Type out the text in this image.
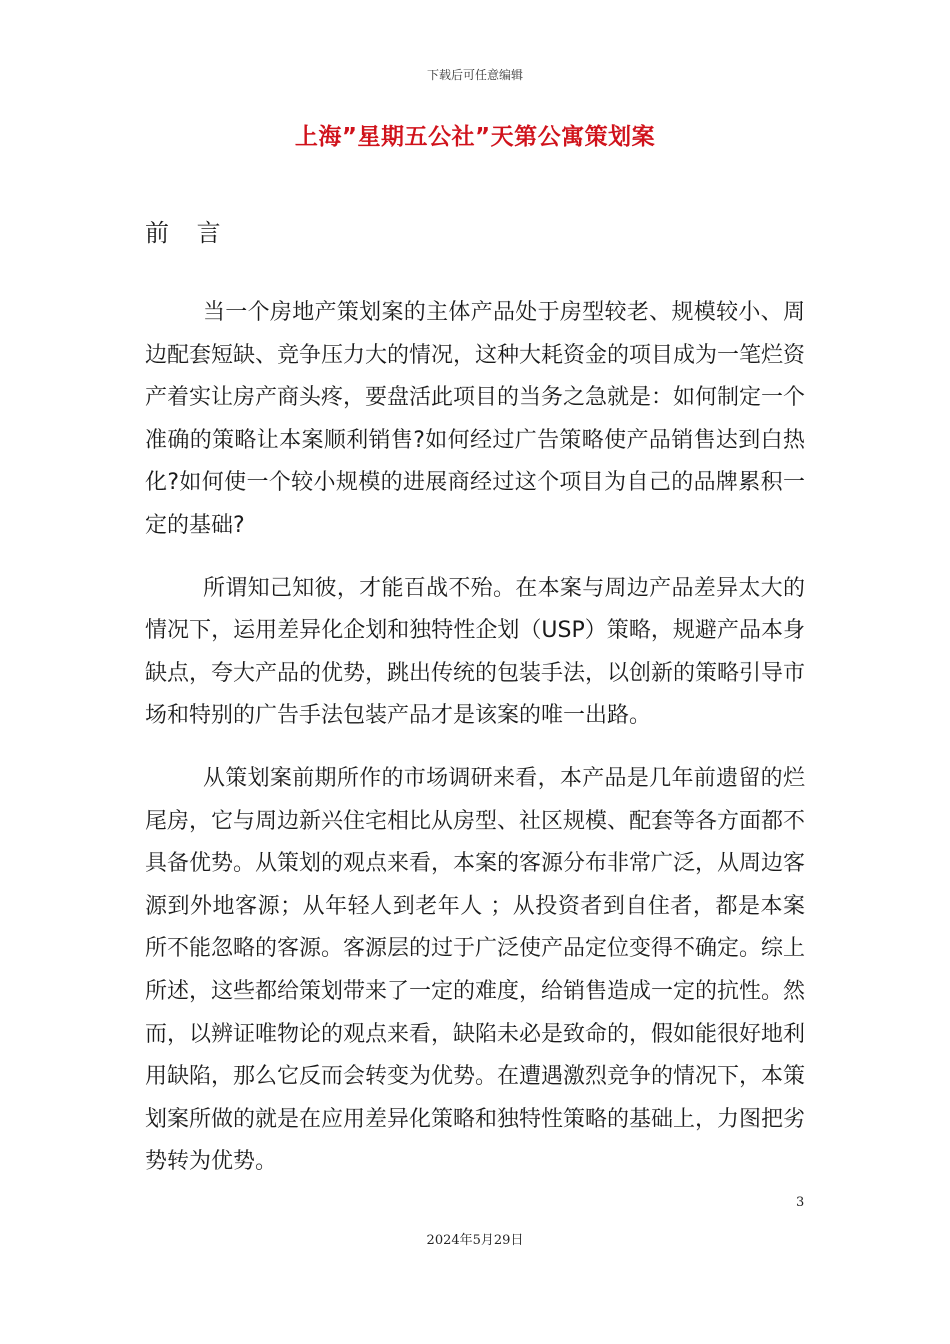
下载后可任意编辑
上海”星期五公社”天第公寓策划案
前 言

当一个房地产策划案的主体产品处于房型较老、规模较小、周边配套短缺、竞争压力大的情况，这种大耗资金的项目成为一笔烂资产着实让房产商头疼，要盘活此项目的当务之急就是：如何制定一个准确的策略让本案顺利销售?如何经过广告策略使产品销售达到白热化?如何使一个较小规模的进展商经过这个项目为自己的品牌累积一定的基础?

所谓知己知彼，才能百战不殆。在本案与周边产品差异太大的情况下，运用差异化企划和独特性企划（USP）策略，规避产品本身缺点，夸大产品的优势，跳出传统的包装手法，以创新的策略引导市场和特别的广告手法包装产品才是该案的唯一出路。

从策划案前期所作的市场调研来看，本产品是几年前遗留的烂尾房，它与周边新兴住宅相比从房型、社区规模、配套等各方面都不具备优势。从策划的观点来看，本案的客源分布非常广泛，从周边客源到外地客源；从年轻人到老年人 ；从投资者到自住者，都是本案所不能忽略的客源。客源层的过于广泛使产品定位变得不确定。综上所述，这些都给策划带来了一定的难度，给销售造成一定的抗性。然而，以辨证唯物论的观点来看，缺陷未必是致命的，假如能很好地利用缺陷，那么它反而会转变为优势。在遭遇激烈竞争的情况下，本策划案所做的就是在应用差异化策略和独特性策略的基础上，力图把劣势转为优势。

3
2024年5月29日
